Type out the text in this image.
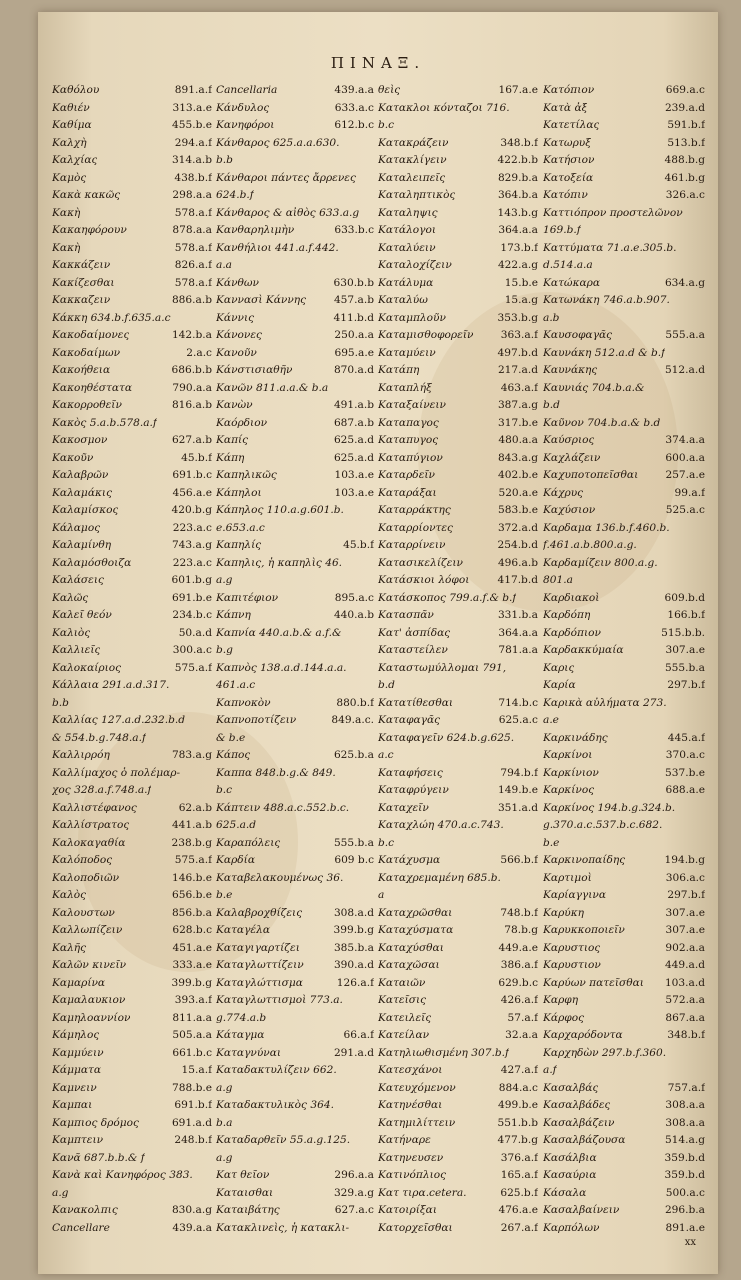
ΠΙΝΑΞ.
Καθόλου	891.a.f
Καθιέν	313.a.e
Καθίμα	455.b.e
Καλχὴ	294.a.f
Καλχίας	314.a.b
Καμὸς	438.b.f
Κακὰ κακῶς	298.a.a
Κακὴ	578.a.f
Κακαηφόρουν	878.a.a
Κακὴ	578.a.f
Κακκάζειν	826.a.f
Κακίζεσθαι	578.a.f
Κακκαζειν	886.a.b
Κάκκη 634.b.f.635.a.c
Κακοδαίμονες	142.b.a
Κακοδαίμων	2.a.c
Κακοήθεια	686.b.b
Κακοηθέστατα	790.a.a
Κακορροθεῖν	816.a.b
Κακὸς 5.a.b.578.a.f
Κακοσμον	627.a.b
Κακοῦν	45.b.f
Καλαβρῶν	691.b.c
Καλαμάκις	456.a.e
Καλαμίσκος	420.b.g
Κάλαμος	223.a.c
Καλαμίνθη	743.a.g
Καλαμόσθοιζα	223.a.c
Καλάσεις	601.b.g
Καλῶς	691.b.e
Καλεῖ θεόν	234.b.c
Καλιὸς	50.a.d
Καλλιεῖς	300.a.c
Καλοκαίριος	575.a.f
Κάλλαια 291.a.d.317.
b.b
Καλλίας 127.a.d.232.b.d
& 554.b.g.748.a.f
Καλλιρρόη	783.a.g
Καλλίμαχος ὁ πολέμαρ-
χος 328.a.f.748.a.f
Καλλιστέφανος	62.a.b
Καλλίστρατος	441.a.b
Καλοκαγαθία	238.b.g
Καλόποδος	575.a.f
Καλοποδιῶν	146.b.e
Καλὸς	656.b.e
Καλουστων	856.b.a
Καλλωπίζειν	628.b.c
Καλῆς	451.a.e
Καλῶν κινεῖν	333.a.e
Καμαρίνα	399.b.g
Καμαλαυκιον	393.a.f
Καμηλοαννίον	811.a.a
Κάμηλος	505.a.a
Καμμύειν	661.b.c
Κάμματα	15.a.f
Καμνειν	788.b.e
Καμπαι	691.b.f
Καμπιος δρόμος	691.a.d
Καμπτειν	248.b.f
Κανᾶ 687.b.b.& f
Κανὰ καὶ Κανηφόρος 383.
a.g
Κανακολπις	830.a.g
Cancellare	439.a.a
Cancellaria	439.a.a
Κάνδυλος	633.a.c
Κανηφόροι	612.b.c
Κάνθαρος 625.a.a.630.
b.b
Κάνθαροι πάντες ἄρρενες
624.b.f
Κάνθαρος & αἰθὸς 633.a.g
Κανθαρηλιμὴν	633.b.c
Κανθήλιοι 441.a.f.442.
a.a
Κάνθων	630.b.b
Καννασὶ Κάννης	457.a.b
Κάννις	411.b.d
Κάνονες	250.a.a
Κανοῦν	695.a.e
Κάνστισιαθῆν	870.a.d
Κανῶν 811.a.a.& b.a
Κανὼν	491.a.b
Καόρδιον	687.a.b
Καπίς	625.a.d
Κάπη	625.a.d
Καπηλικῶς	103.a.e
Κάπηλοι	103.a.e
Κάπηλος 110.a.g.601.b.
e.653.a.c
Καπηλίς	45.b.f
Καπηλις, ἡ καπηλὶς 46.
a.g
Καπιτέφιον	895.a.c
Κάπνη	440.a.b
Καπνία 440.a.b.& a.f.&
b.g
Καπνὸς 138.a.d.144.a.a.
461.a.c
Καπνοκὸν	880.b.f
Καπνοποτίζειν	849.a.c.
& b.e
Κάπος	625.b.a
Καππα 848.b.g.& 849.
b.c
Κάπτειν 488.a.c.552.b.c.
625.a.d
Καραπόλεις	555.b.a
Καρδία	609 b.c
Καταβελακουμένως 36.
b.e
Καλαβροχθίζεις	308.a.d
Καταγέλα	399.b.g
Καταγιγαρτίζει	385.b.a
Καταγλωττίζειν	390.a.d
Καταγλώττισμα	126.a.f
Καταγλωττισμοὶ 773.a.
g.774.a.b
Κάταγμα	66.a.f
Καταγνύναι	291.a.d
Καταδακτυλίζειν 662.
a.g
Καταδακτυλικὸς 364.
b.a
Καταδαρθεῖν 55.a.g.125.
a.g
Κατ θεῖον	296.a.a
Καταισθαι	329.a.g
Καταιβάτης	627.a.c
Κατακλινεὶς, ἡ κατακλι-
θεὶς	167.a.e
Κατακλοι κόνταζοι 716.
b.c
Κατακράζειν	348.b.f
Κατακλίγειν	422.b.b
Καταλειπεῖς	829.b.a
Καταληπτικὸς	364.b.a
Καταληψις	143.b.g
Κατάλογοι	364.a.a
Καταλύειν	173.b.f
Καταλοχίζειν	422.a.g
Κατάλυμα	15.b.e
Καταλύω	15.a.g
Καταμπλοῦν	353.b.g
Καταμισθοφορεῖν	363.a.f
Καταμύειν	497.b.d
Κατάπη	217.a.d
Καταπλήξ	463.a.f
Καταξαίνειν	387.a.g
Καταπαγος	317.b.e
Καταπυγος	480.a.a
Καταπύγιον	843.a.g
Καταρδεῖν	402.b.e
Καταράξαι	520.a.e
Καταρράκτης	583.b.e
Καταρρίοντες	372.a.d
Καταρρίνειν	254.b.d
Κατασικελίζειν	496.a.b
Κατάσκιοι λόφοι	417.b.d
Κατάσκοπος 799.a.f.& b.f
Κατασπᾶν	331.b.a
Κατ' ἀσπίδας	364.a.a
Καταστείλεν	781.a.a
Καταστωμύλλομαι 791,
b.d
Κατατίθεσθαι	714.b.c
Καταφαγᾶς	625.a.c
Καταφαγεῖν 624.b.g.625.
a.c
Καταφήσεις	794.b.f
Καταφρύγειν	149.b.e
Καταχεῖν	351.a.d
Καταχλώη 470.a.c.743.
b.c
Κατάχυσμα	566.b.f
Καταχρεμαμένη 685.b.
a
Καταχρῶσθαι	748.b.f
Καταχύσματα	78.b.g
Καταχύσθαι	449.a.e
Καταχῶσαι	386.a.f
Καταιῶν	629.b.c
Κατεῖσις	426.a.f
Κατειλεῖς	57.a.f
Κατείλαν	32.a.a
Κατηλιωθισμένη 307.b.f
Κατεσχάνοι	427.a.f
Κατευχόμενον	884.a.c
Κατηνέσθαι	499.b.e
Κατημιλίττειν	551.b.b
Κατήναρε	477.b.g
Κατηνευσεν	376.a.f
Κατινόπλιος	165.a.f
Κατ τιρα.cetera.	625.b.f
Κατοιρίξαι	476.a.e
Κατορχεῖσθαι	267.a.f
Κατόπιον	669.a.c
Κατὰ ἀξ	239.a.d
Κατετίλας	591.b.f
Κατωρυξ	513.b.f
Κατήσιον	488.b.g
Κατοξεία	461.b.g
Κατόπιν	326.a.c
Καττιόπρον προστελῶνον
169.b.f
Καττύματα 71.a.e.305.b.
d.514.a.a
Κατώκαρα	634.a.g
Κατωνάκη 746.a.b.907.
a.b
Καυσοφαγᾶς	555.a.a
Καυνάκη 512.a.d & b.f
Καυνάκης	512.a.d
Καυνιάς 704.b.a.&
b.d
Καῦνον 704.b.a.& b.d
Καύσριος	374.a.a
Καχλάζειν	600.a.a
Καχυποτοπεῖσθαι	257.a.e
Κάχρυς	99.a.f
Καχύσιον	525.a.c
Καρδαμα 136.b.f.460.b.
f.461.a.b.800.a.g.
Καρδαμίζειν 800.a.g.
801.a
Καρδιακοὶ	609.b.d
Καρδόπη	166.b.f
Καρδόπιον	515.b.b.
Καρδακκύμαία	307.a.e
Καρις	555.b.a
Καρία	297.b.f
Καρικὰ αὐλήματα 273.
a.e
Καρκινάδης	445.a.f
Καρκίνοι	370.a.c
Καρκίνιον	537.b.e
Καρκίνος	688.a.e
Καρκίνος 194.b.g.324.b.
g.370.a.c.537.b.c.682.
b.e
Καρκινοπαίδης	194.b.g
Καρτιμοὶ	306.a.c
Καρίαγγινα	297.b.f
Καρύκη	307.a.e
Καρυκκοποιεῖν	307.a.e
Καρυστιος	902.a.a
Καρυστιον	449.a.d
Καρύων πατεῖσθαι	103.a.d
Καρφη	572.a.a
Κάρφος	867.a.a
Καρχαρόδοντα	348.b.f
Καρχηδὼν 297.b.f.360.
a.f
Κασαλβάς	757.a.f
Κασαλβάδες	308.a.a
Κασαλβάζειν	308.a.a
Κασαλβάζουσα	514.a.g
Κασάλβια	359.b.d
Κασαύρια	359.b.d
Κάσαλα	500.a.c
Κασαλβαίνειν	296.b.a
Καρπόλων	891.a.e
xx
